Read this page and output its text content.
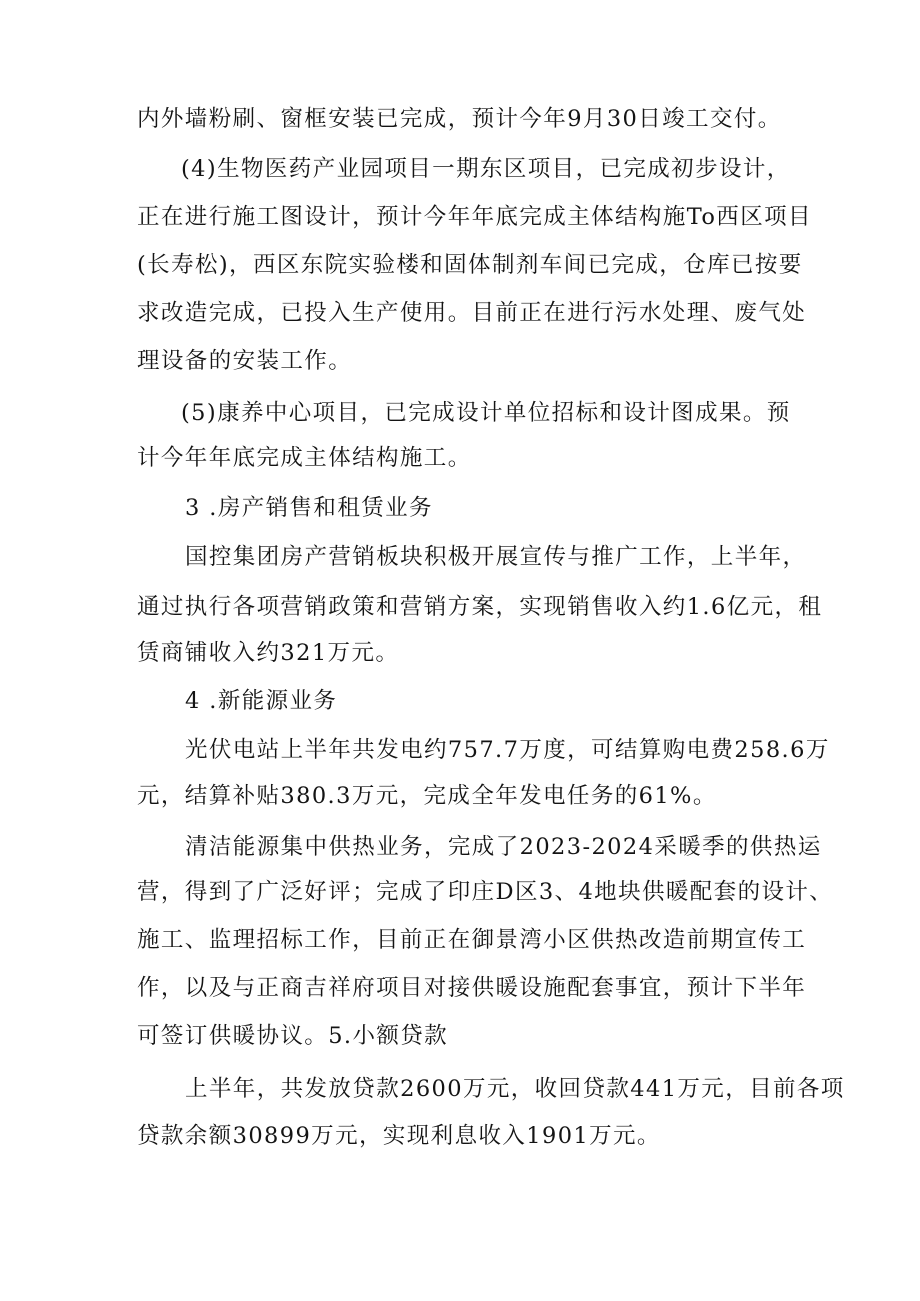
内外墙粉刷、窗框安装已完成，预计今年9月30日竣工交付。
(4)生物医药产业园项目一期东区项目，已完成初步设计，
正在进行施工图设计，预计今年年底完成主体结构施To西区项目
(长寿松)，西区东院实验楼和固体制剂车间已完成，仓库已按要
求改造完成，已投入生产使用。目前正在进行污水处理、废气处
理设备的安装工作。
(5)康养中心项目，已完成设计单位招标和设计图成果。预
计今年年底完成主体结构施工。
3 .房产销售和租赁业务
国控集团房产营销板块积极开展宣传与推广工作，上半年，
通过执行各项营销政策和营销方案，实现销售收入约1.6亿元，租
赁商铺收入约321万元。
4 .新能源业务
光伏电站上半年共发电约757.7万度，可结算购电费258.6万
元，结算补贴380.3万元，完成全年发电任务的61%。
清洁能源集中供热业务，完成了2023-2024采暖季的供热运
营，得到了广泛好评；完成了印庄D区3、4地块供暖配套的设计、
施工、监理招标工作，目前正在御景湾小区供热改造前期宣传工
作，以及与正商吉祥府项目对接供暖设施配套事宜，预计下半年
可签订供暖协议。5.小额贷款
上半年，共发放贷款2600万元，收回贷款441万元，目前各项
贷款余额30899万元，实现利息收入1901万元。
